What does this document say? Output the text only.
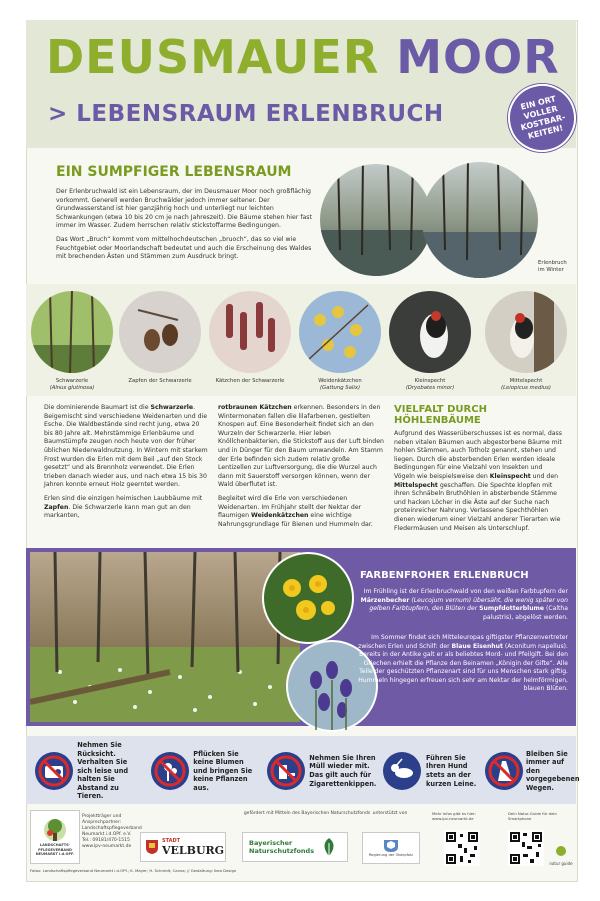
DEUSMAUER MOOR
> LEBENSRAUM ERLENBRUCH	EIN ORT VOLLER KOSTBAR-KEITEN!
EIN SUMPFIGER LEBENSRAUM
Der Erlenbruchwald ist ein Lebensraum, der im Deusmauer Moor noch großflächig vorkommt. Generell werden Bruchwälder jedoch immer seltener. Der Grundwasserstand ist hier ganzjährig hoch und unterliegt nur leichten Schwankungen (etwa 10 bis 20 cm je nach Jahreszeit). Die Bäume stehen hier fast immer im Wasser. Zudem herrschen relativ stickstoffarme Bedingungen.
Das Wort „Bruch“ kommt vom mittelhochdeutschen „bruoch“, das so viel wie Feuchtgebiet oder Moorlandschaft bedeutet und auch die Erscheinung des Waldes mit brechenden Ästen und Stämmen zum Ausdruck bringt.
Erlenbruch im Winter
Schwarzerle
(Alnus glutinosa)
Zapfen der Schwarzerle	Kätzchen der Schwarzerle	Weidenkätzchen
(Gattung Salix)
Kleinspecht
(Dryobates minor)
Mittelspecht
(Leiopicus medius)
Die dominierende Baumart ist die Schwarzerle. Beigemischt sind verschiedene Weidenarten und die Esche. Die Waldbestände sind recht jung, etwa 20 bis 80 Jahre alt. Mehrstämmige Erlenbäume und Baumstümpfe zeugen noch heute von der früher üblichen Niederwaldnutzung. In Wintern mit starkem Frost wurden die Erlen mit dem Beil „auf den Stock gesetzt“ und als Brennholz verwendet. Die Erlen trieben danach wieder aus, und nach etwa 15 bis 30 Jahren konnte erneut Holz geerntet werden.
Erlen sind die einzigen heimischen Laubbäume mit Zapfen. Die Schwarzerle kann man gut an den markanten,
rotbraunen Kätzchen erkennen. Besonders in den Wintermonaten fallen die lilafarbenen, gestielten Knospen auf. Eine Besonderheit findet sich an den Wurzeln der Schwarzerle. Hier leben Knöllchenbakterien, die Stickstoff aus der Luft binden und in Dünger für den Baum umwandeln. Am Stamm der Erle befinden sich zudem relativ große Lentizellen zur Luftversorgung, die die Wurzel auch dann mit Sauerstoff versorgen können, wenn der Wald überflutet ist.
Begleitet wird die Erle von verschiedenen Weidenarten. Im Frühjahr stellt der Nektar der flaumigen Weidenkätzchen eine wichtige Nahrungsgrundlage für Bienen und Hummeln dar.
VIELFALT DURCH HÖHLENBÄUME
Aufgrund des Wasserüberschusses ist es normal, dass neben vitalen Bäumen auch abgestorbene Bäume mit hohlen Stämmen, auch Totholz genannt, stehen und liegen. Durch die absterbenden Erlen werden ideale Bedingungen für eine Vielzahl von Insekten und Vögeln wie beispielsweise den Kleinspecht und den Mittelspecht geschaffen. Die Spechte klopfen mit ihren Schnäbeln Bruthöhlen in absterbende Stämme und hacken Löcher in die Äste auf der Suche nach proteinreicher Nahrung. Verlassene Spechthöhlen dienen wiederum einer Vielzahl anderer Tierarten wie Fledermäusen und Meisen als Unterschlupf.
FARBENFROHER ERLENBRUCH
Im Frühling ist der Erlenbruchwald von den weißen Farbtupfern der Märzenbecher (Leucojum vernum) übersäht, die wenig später von gelben Farbtupfern, den Blüten der Sumpfdotterblume (Caltha palustris), abgelöst werden.
Im Sommer findet sich Mitteleuropas giftigster Pflanzenvertreter zwischen Erlen und Schilf: der Blaue Eisenhut (Aconitum napellus). Bereits in der Antike galt er als beliebtes Mord- und Pfeilgift. Bei den Griechen erhielt die Pflanze den Beinamen „Königin der Gifte“. Alle Teile der geschützten Pflanzenart sind für uns Menschen stark giftig. Hummeln hingegen erfreuen sich sehr am Nektar der helmförmigen, blauen Blüten.
Nehmen Sie Rücksicht. Verhalten Sie sich leise und halten Sie Abstand zu Tieren.
Pflücken Sie keine Blumen und bringen Sie keine Pflanzen aus.
Nehmen Sie Ihren Müll wieder mit. Das gilt auch für Zigarettenkippen.
Führen Sie Ihren Hund stets an der kurzen Leine.
Bleiben Sie immer auf den vorgegebenen Wegen.
LANDSCHAFTS-PFLEGEVERBAND NEUMARKT i.d.OPF.
Projektträger und Ansprechpartner: Landschaftspflegeverband Neumarkt i.d.OPf. e.V. Tel.: 09181/470-1515 www.lpv-neumarkt.de
STADT
VELBURG
gefördert mit Mitteln des Bayerischen Naturschutzfonds
Bayerischer Naturschutzfonds
unterstützt von
Regierung der Oberpfalz
Mehr Infos gibt es hier: www.lpv-neumarkt.de
Dein Natur-Guide für dein Smartphone
natur guide
Fotos: Landschaftspflegeverband Neumarkt i.d.OPf.; K. Mayer; H. Schmidt; Canva; // Gestaltung: Ikea Design
